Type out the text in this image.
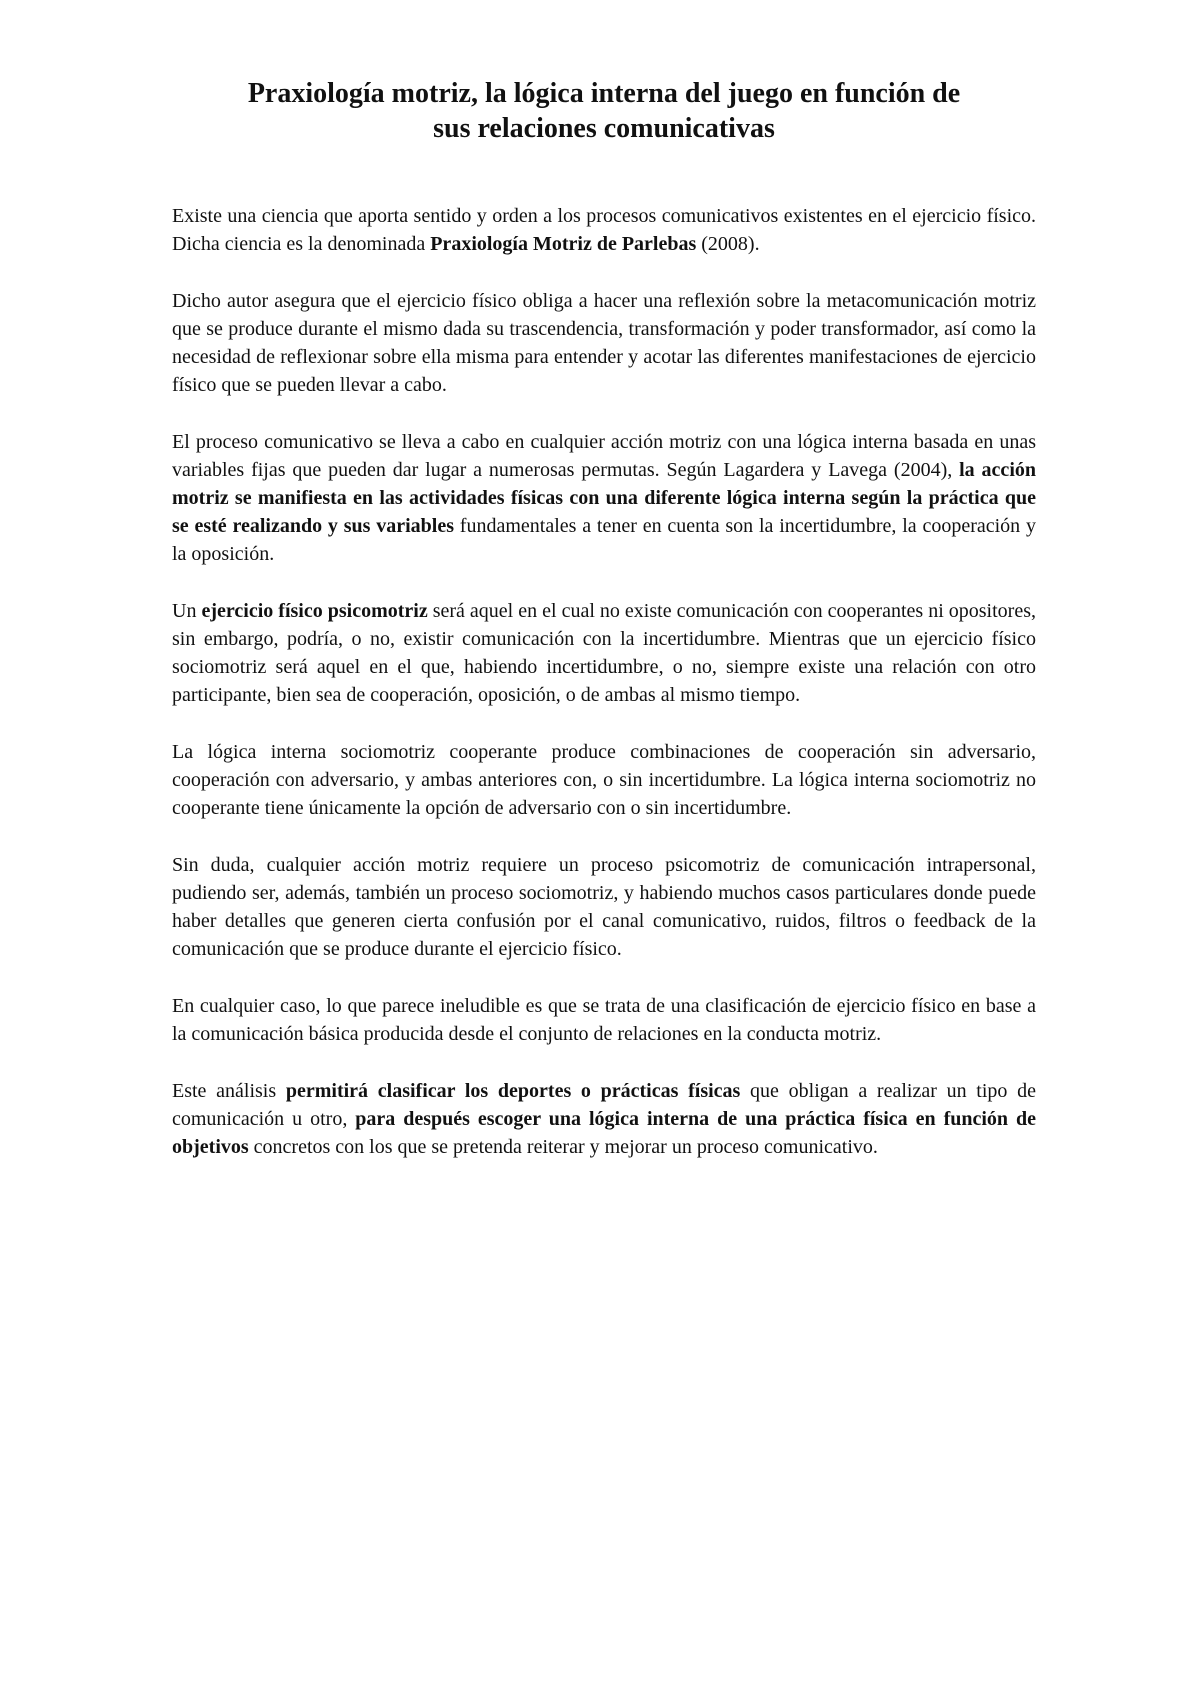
Praxiología motriz, la lógica interna del juego en función de
sus relaciones comunicativas

Existe una ciencia que aporta sentido y orden a los procesos comunicativos existentes en el ejercicio físico. Dicha ciencia es la denominada Praxiología Motriz de Parlebas (2008).

Dicho autor asegura que el ejercicio físico obliga a hacer una reflexión sobre la metacomunicación motriz que se produce durante el mismo dada su trascendencia, transformación y poder transformador, así como la necesidad de reflexionar sobre ella misma para entender y acotar las diferentes manifestaciones de ejercicio físico que se pueden llevar a cabo.

El proceso comunicativo se lleva a cabo en cualquier acción motriz con una lógica interna basada en unas variables fijas que pueden dar lugar a numerosas permutas. Según Lagardera y Lavega (2004), la acción motriz se manifiesta en las actividades físicas con una diferente lógica interna según la práctica que se esté realizando y sus variables fundamentales a tener en cuenta son la incertidumbre, la cooperación y la oposición.

Un ejercicio físico psicomotriz será aquel en el cual no existe comunicación con cooperantes ni opositores, sin embargo, podría, o no, existir comunicación con la incertidumbre. Mientras que un ejercicio físico sociomotriz será aquel en el que, habiendo incertidumbre, o no, siempre existe una relación con otro participante, bien sea de cooperación, oposición, o de ambas al mismo tiempo.

La lógica interna sociomotriz cooperante produce combinaciones de cooperación sin adversario, cooperación con adversario, y ambas anteriores con, o sin incertidumbre. La lógica interna sociomotriz no cooperante tiene únicamente la opción de adversario con o sin incertidumbre.

Sin duda, cualquier acción motriz requiere un proceso psicomotriz de comunicación intrapersonal, pudiendo ser, además, también un proceso sociomotriz, y habiendo muchos casos particulares donde puede haber detalles que generen cierta confusión por el canal comunicativo, ruidos, filtros o feedback de la comunicación que se produce durante el ejercicio físico.

En cualquier caso, lo que parece ineludible es que se trata de una clasificación de ejercicio físico en base a la comunicación básica producida desde el conjunto de relaciones en la conducta motriz.

Este análisis permitirá clasificar los deportes o prácticas físicas que obligan a realizar un tipo de comunicación u otro, para después escoger una lógica interna de una práctica física en función de objetivos concretos con los que se pretenda reiterar y mejorar un proceso comunicativo.
